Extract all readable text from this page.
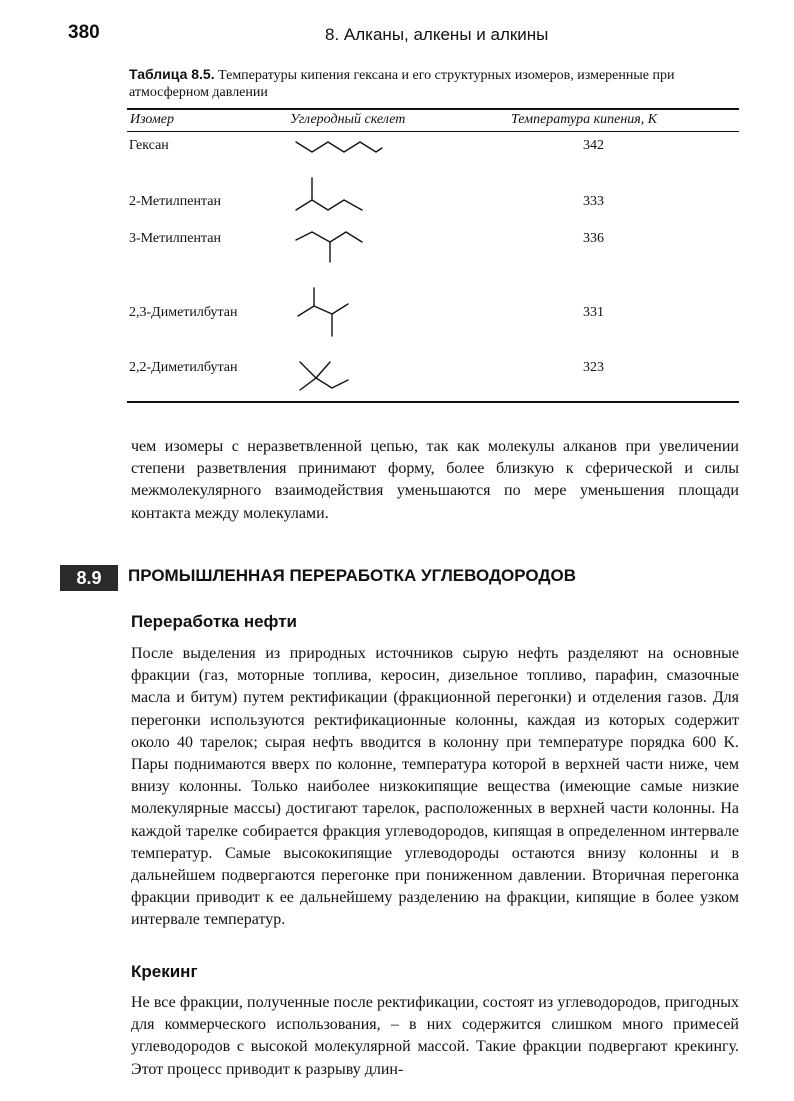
380	8. Алканы, алкены и алкины
Таблица 8.5. Температуры кипения гексана и его структурных изомеров, измеренные при атмосферном давлении
Изомер	Углеродный скелет	Температура кипения, К
Гексан	342
2-Метилпентан	333
3-Метилпентан	336
2,3-Диметилбутан	331
2,2-Диметилбутан	323

чем изомеры с неразветвленной цепью, так как молекулы алканов при увеличении степени разветвления принимают форму, более близкую к сферической и силы межмолекулярного взаимодействия уменьшаются по мере уменьшения площади контакта между молекулами.

8.9	ПРОМЫШЛЕННАЯ ПЕРЕРАБОТКА УГЛЕВОДОРОДОВ
Переработка нефти

После выделения из природных источников сырую нефть разделяют на основные фракции (газ, моторные топлива, керосин, дизельное топливо, парафин, смазочные масла и битум) путем ректификации (фракционной перегонки) и отделения газов. Для перегонки используются ректификационные колонны, каждая из которых содержит около 40 тарелок; сырая нефть вводится в колонну при температуре порядка 600 K. Пары поднимаются вверх по колонне, температура которой в верхней части ниже, чем внизу колонны. Только наиболее низкокипящие вещества (имеющие самые низкие молекулярные массы) достигают тарелок, расположенных в верхней части колонны. На каждой тарелке собирается фракция углеводородов, кипящая в определенном интервале температур. Самые высококипящие углеводороды остаются внизу колонны и в дальнейшем подвергаются перегонке при пониженном давлении. Вторичная перегонка фракции приводит к ее дальнейшему разделению на фракции, кипящие в более узком интервале температур.

Крекинг

Не все фракции, полученные после ректификации, состоят из углеводородов, пригодных для коммерческого использования, – в них содержится слишком много примесей углеводородов с высокой молекулярной массой. Такие фракции подвергают крекингу. Этот процесс приводит к разрыву длин-
